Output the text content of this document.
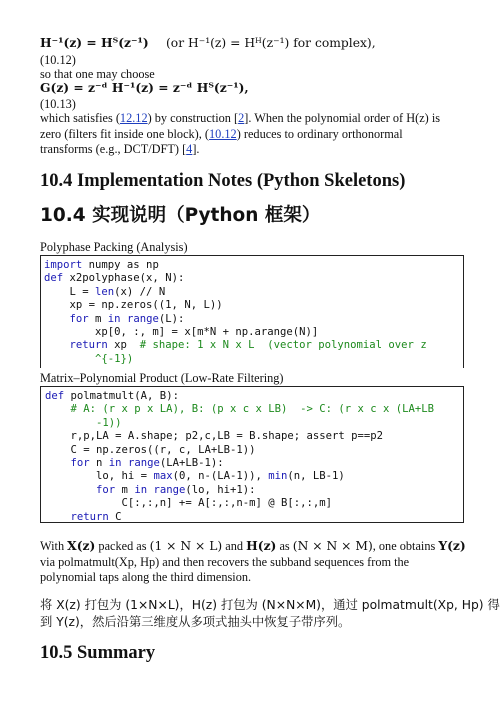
H⁻¹(z) = Hᵀ(z⁻¹) (or H⁻¹(z) = Hᴴ(z⁻¹) for complex),
(10.12)
so that one may choose
G(z) = z⁻ᵈ H⁻¹(z) = z⁻ᵈ Hᵀ(z⁻¹),
(10.13)
which satisfies (12.12) by construction [2]. When the polynomial order of H(z) is
zero (filters fit inside one block), (10.12) reduces to ordinary orthonormal
transforms (e.g., DCT/DFT) [4].
10.4 Implementation Notes (Python Skeletons)
10.4 实现说明（Python 框架）
Polyphase Packing (Analysis)
import numpy as np
def x2polyphase(x, N):
L = len(x) // N
xp = np.zeros((1, N, L))
for m in range(L):
xp[0, :, m] = x[m*N + np.arange(N)]
return xp  # shape: 1 x N x L  (vector polynomial over z
^{-1})
Matrix–Polynomial Product (Low-Rate Filtering)
def polmatmult(A, B):
# A: (r x p x LA), B: (p x c x LB)  -> C: (r x c x (LA+LB
-1))
r,p,LA = A.shape; p2,c,LB = B.shape; assert p==p2
C = np.zeros((r, c, LA+LB-1))
for n in range(LA+LB-1):
lo, hi = max(0, n-(LA-1)), min(n, LB-1)
for m in range(lo, hi+1):
C[:,:,n] += A[:,:,n-m] @ B[:,:,m]
return C
With X(z) packed as (1 × N × L) and H(z) as (N × N × M), one obtains Y(z)
via polmatmult(Xp, Hp) and then recovers the subband sequences from the
polynomial taps along the third dimension.
将 X(z) 打包为 (1×N×L)，H(z) 打包为 (N×N×M)，通过 polmatmult(Xp, Hp) 得
到 Y(z)，然后沿第三维度从多项式抽头中恢复子带序列。
10.5 Summary
